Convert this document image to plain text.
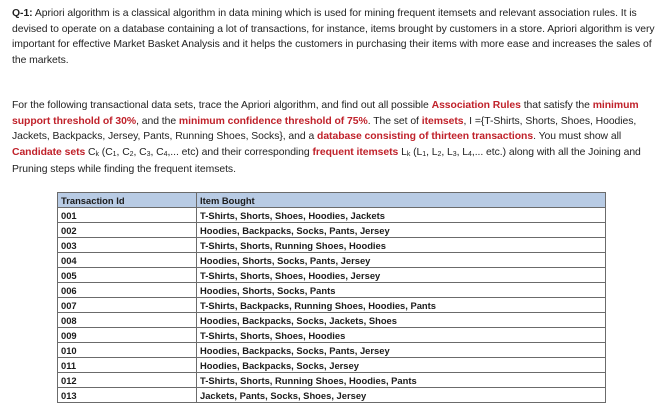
Q-1: Apriori algorithm is a classical algorithm in data mining which is used for mining frequent itemsets and relevant association rules. It is devised to operate on a database containing a lot of transactions, for instance, items brought by customers in a store. Apriori algorithm is very important for effective Market Basket Analysis and it helps the customers in purchasing their items with more ease and increases the sales of the markets.

For the following transactional data sets, trace the Apriori algorithm, and find out all possible Association Rules that satisfy the minimum support threshold of 30%, and the minimum confidence threshold of 75%. The set of itemsets, I ={T-Shirts, Shorts, Shoes, Hoodies, Jackets, Backpacks, Jersey, Pants, Running Shoes, Socks}, and a database consisting of thirteen transactions. You must show all Candidate sets Ck (C1, C2, C3, C4,... etc) and their corresponding frequent itemsets Lk (L1, L2, L3, L4,... etc.) along with all the Joining and Pruning steps while finding the frequent itemsets.

Transaction Id	Item Bought
001	T-Shirts, Shorts, Shoes, Hoodies, Jackets
002	Hoodies, Backpacks, Socks, Pants, Jersey
003	T-Shirts, Shorts, Running Shoes, Hoodies
004	Hoodies, Shorts, Socks, Pants, Jersey
005	T-Shirts, Shorts, Shoes, Hoodies, Jersey
006	Hoodies, Shorts, Socks, Pants
007	T-Shirts, Backpacks, Running Shoes, Hoodies, Pants
008	Hoodies, Backpacks, Socks, Jackets, Shoes
009	T-Shirts, Shorts, Shoes, Hoodies
010	Hoodies, Backpacks, Socks, Pants, Jersey
011	Hoodies, Backpacks, Socks, Jersey
012	T-Shirts, Shorts, Running Shoes, Hoodies, Pants
013	Jackets, Pants, Socks, Shoes, Jersey
